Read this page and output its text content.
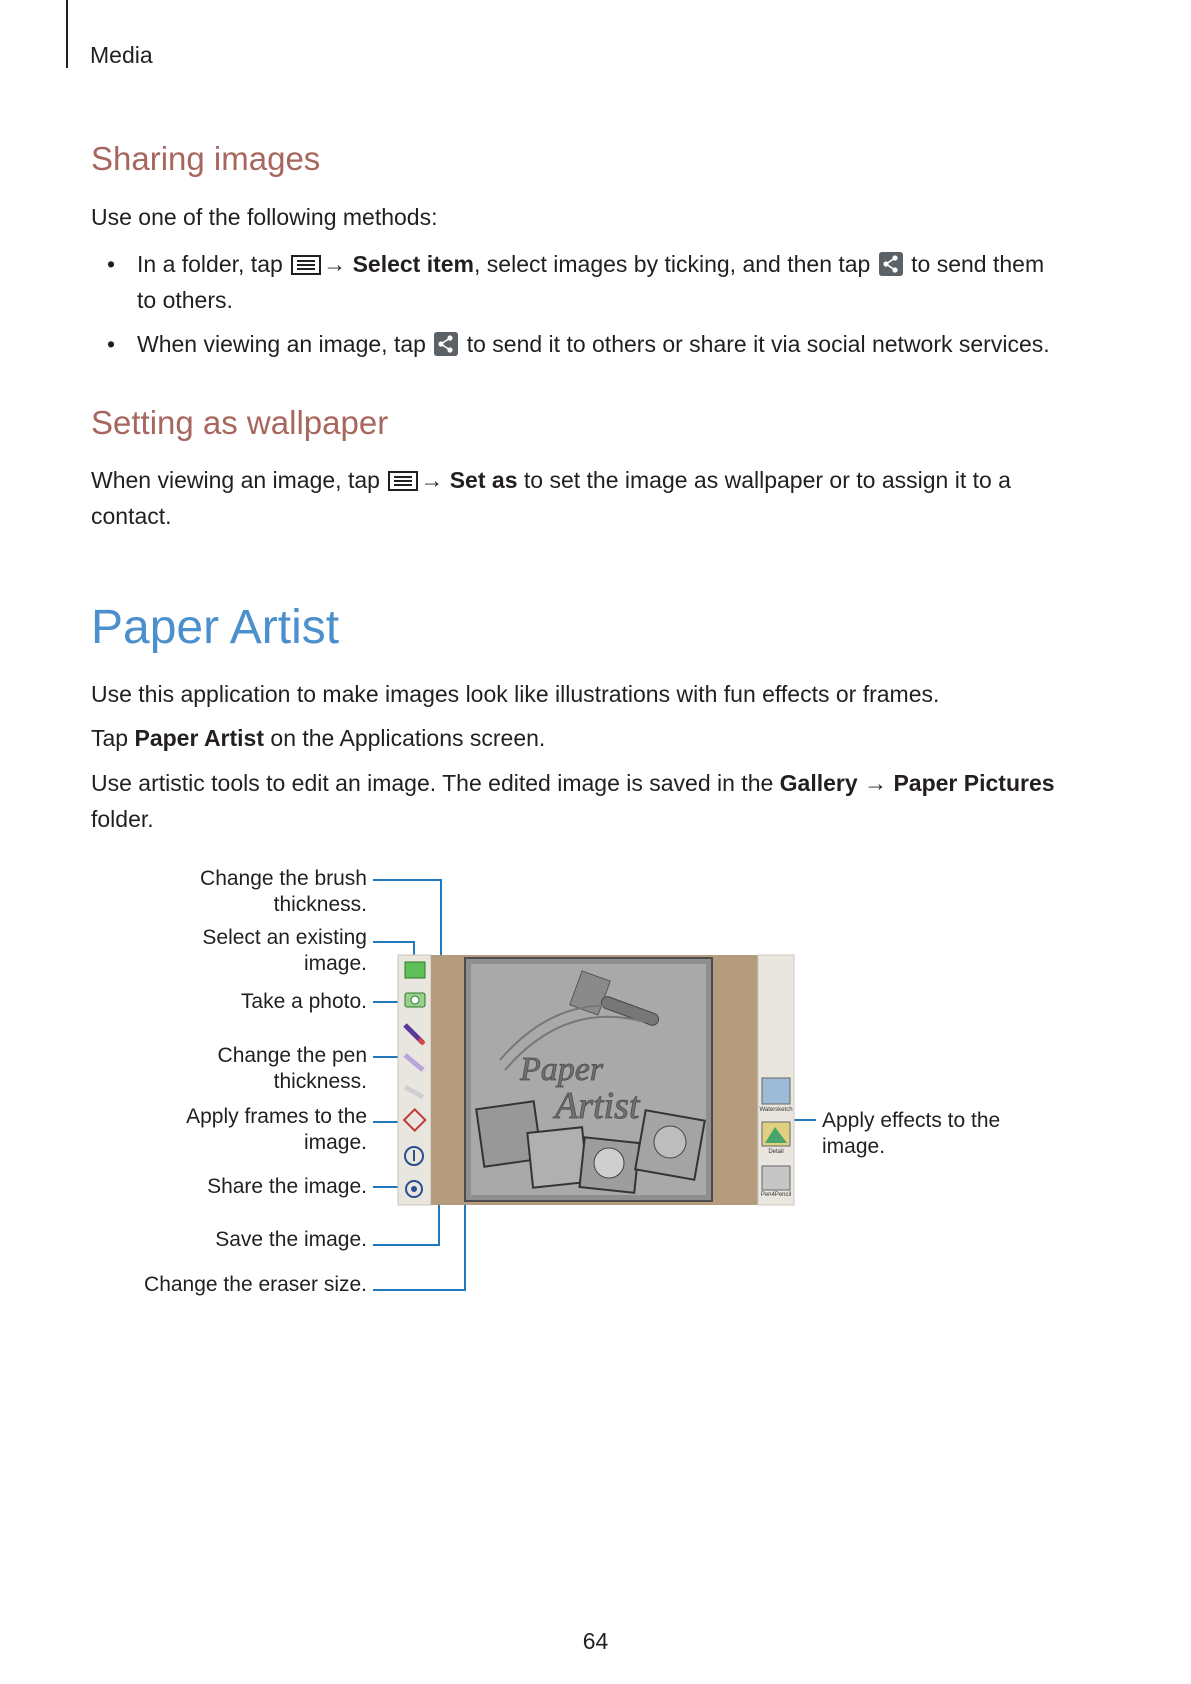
Media
Sharing images

Use one of the following methods:

• In a folder, tap → Select item, select images by ticking, and then tap to send them
to others.

• When viewing an image, tap to send it to others or share it via social network services.

Setting as wallpaper

When viewing an image, tap → Set as to set the image as wallpaper or to assign it to a
contact.

Paper Artist

Use this application to make images look like illustrations with fun effects or frames.

Tap Paper Artist on the Applications screen.

Use artistic tools to edit an image. The edited image is saved in the Gallery → Paper Pictures
folder.

Change the brush
thickness.
Select an existing
image.
Take a photo.
Change the pen
thickness.
Apply frames to the
image.
Share the image.
Save the image.
Change the eraser size.
Apply effects to the
image.
Paper
Artist	Watersketch
Detail
Pen4Pencil
64
